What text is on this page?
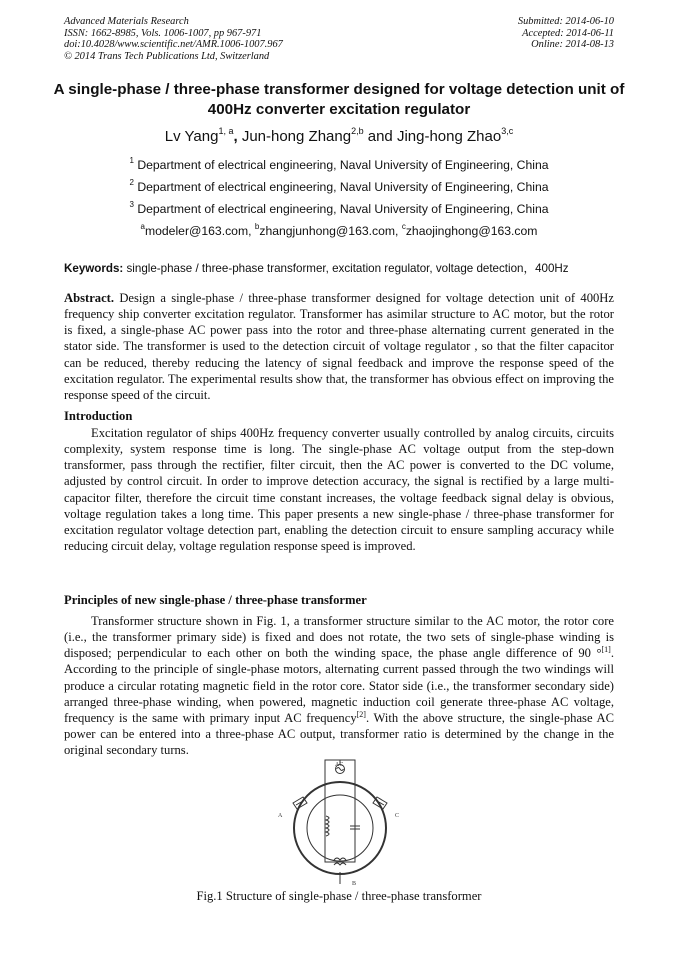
Advanced Materials Research
ISSN: 1662-8985, Vols. 1006-1007, pp 967-971
doi:10.4028/www.scientific.net/AMR.1006-1007.967
© 2014 Trans Tech Publications Ltd, Switzerland
Submitted: 2014-06-10
Accepted: 2014-06-11
Online: 2014-08-13
A single-phase / three-phase transformer designed for voltage detection unit of 400Hz converter excitation regulator
Lv Yang$^{1, a}$, Jun-hong Zhang$^{2,b}$ and Jing-hong Zhao$^{3,c}$
$^1$ Department of electrical engineering, Naval University of Engineering, China
$^2$ Department of electrical engineering, Naval University of Engineering, China
$^3$ Department of electrical engineering, Naval University of Engineering, China
$^a$modeler@163.com, $^b$zhangjunhong@163.com, $^c$zhaojinghong@163.com
Keywords: single-phase / three-phase transformer, excitation regulator, voltage detection，400Hz
Abstract. Design a single-phase / three-phase transformer designed for voltage detection unit of 400Hz frequency ship converter excitation regulator. Transformer has asimilar structure to AC motor, but the rotor is fixed, a single-phase AC power pass into the rotor and three-phase alternating current generated in the stator side. The transformer is used to the detection circuit of voltage regulator , so that the filter capacitor can be reduced, thereby reducing the latency of signal feedback and improve the response speed of the excitation regulator. The experimental results show that, the transformer has obvious effect on improving the response speed of the circuit.
Introduction
Excitation regulator of ships 400Hz frequency converter usually controlled by analog circuits, circuits complexity, system response time is long. The single-phase AC voltage output from the step-down transformer, pass through the rectifier, filter circuit, then the AC power is converted to the DC volume, adjusted by control circuit. In order to improve detection accuracy, the signal is rectified by a large multi-capacitor filter, therefore the circuit time constant increases, the voltage feedback signal delay is obvious, voltage regulation takes a long time. This paper presents a new single-phase / three-phase transformer for excitation regulator voltage detection part, enabling the detection circuit to ensure sampling accuracy while reducing circuit delay, voltage regulation response speed is improved.
Principles of new single-phase / three-phase transformer
Transformer structure shown in Fig. 1, a transformer structure similar to the AC motor, the rotor core (i.e., the transformer primary side) is fixed and does not rotate, the two sets of single-phase winding is disposed; perpendicular to each other on both the winding space, the phase angle difference of 90 °[1]. According to the principle of single-phase motors, alternating current passed through the two windings will produce a circular rotating magnetic field in the rotor core. Stator side (i.e., the transformer secondary side) arranged three-phase winding, when powered, magnetic induction coil generate three-phase AC voltage, frequency is the same with primary input AC frequency[2]. With the above structure, the single-phase AC power can be entered into a three-phase AC output, transformer ratio is determined by the change in the original secondary turns.
AC
A	C
B
Fig.1 Structure of single-phase / three-phase transformer
